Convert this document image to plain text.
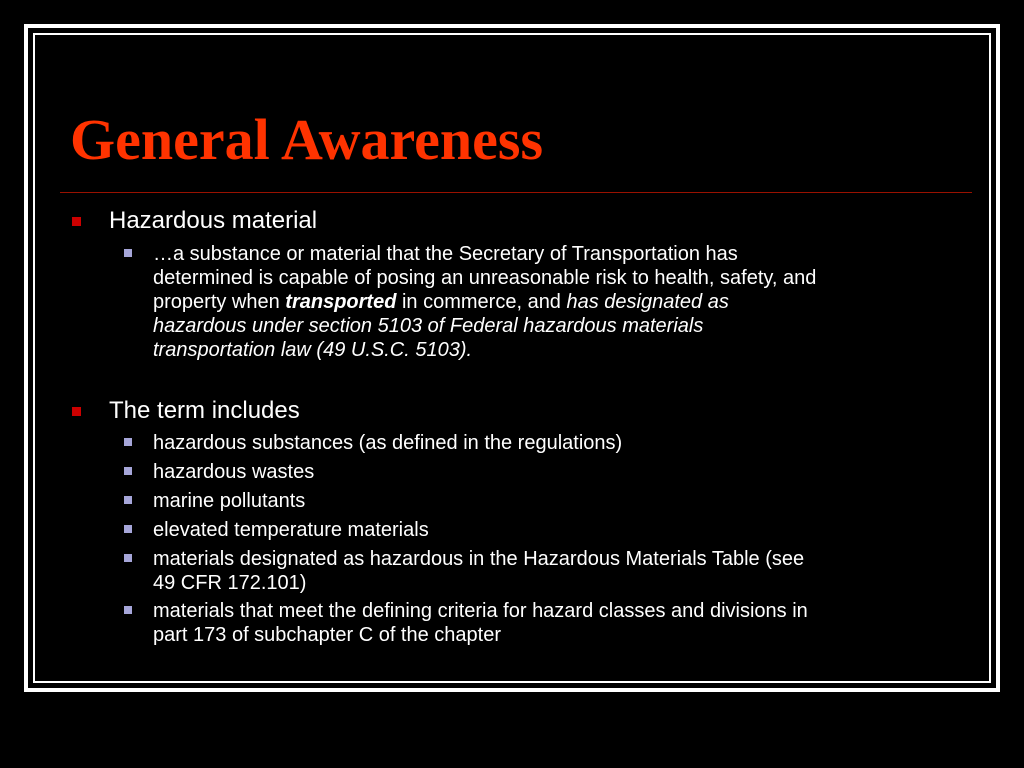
General Awareness
Hazardous material
…a substance or material that the Secretary of Transportation has
determined is capable of posing an unreasonable risk to health, safety, and
property when transported in commerce, and has designated as
hazardous under section 5103 of Federal hazardous materials
transportation law (49 U.S.C. 5103).
The term includes
hazardous substances (as defined in the regulations)
hazardous wastes
marine pollutants
elevated temperature materials
materials designated as hazardous in the Hazardous Materials Table (see
49 CFR 172.101)
materials that meet the defining criteria for hazard classes and divisions in
part 173 of subchapter C of the chapter
